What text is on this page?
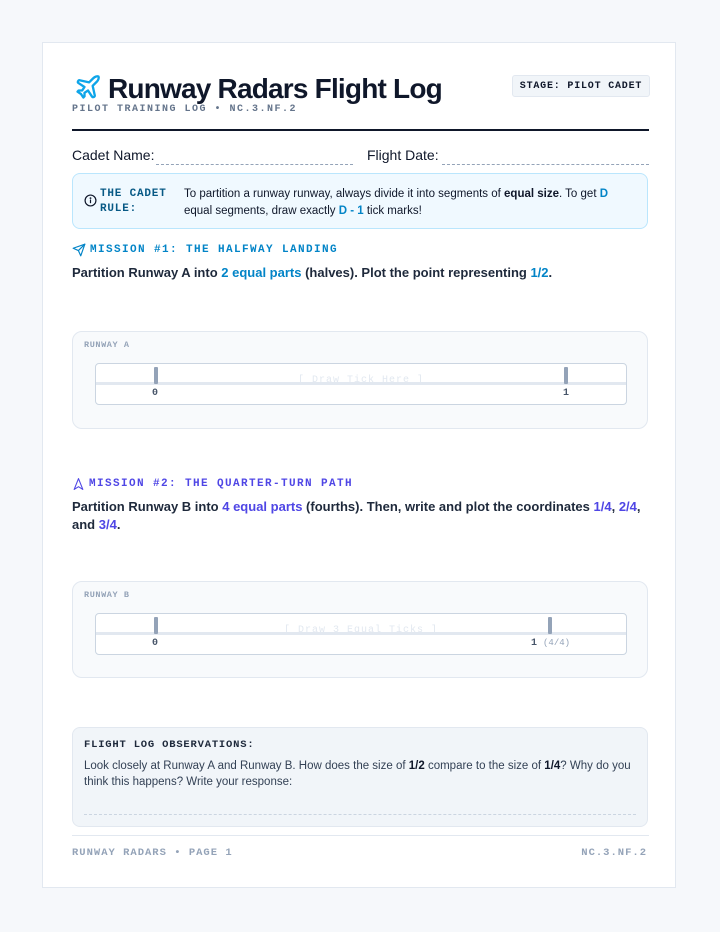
Runway Radars Flight Log
PILOT TRAINING LOG • NC.3.NF.2
STAGE: PILOT CADET
Cadet Name:	Flight Date:
THE CADET
RULE:
To partition a runway runway, always divide it into segments of equal size. To get D equal segments, draw exactly D - 1 tick marks!
MISSION #1: THE HALFWAY LANDING
Partition Runway A into 2 equal parts (halves). Plot the point representing 1/2.
RUNWAY A
[ Draw Tick Here ]
0	1
MISSION #2: THE QUARTER-TURN PATH
Partition Runway B into 4 equal parts (fourths). Then, write and plot the coordinates 1/4, 2/4,
and 3/4.
RUNWAY B
[ Draw 3 Equal Ticks ]
0	1 (4/4)
FLIGHT LOG OBSERVATIONS:
Look closely at Runway A and Runway B. How does the size of 1/2 compare to the size of 1/4? Why do you think this happens? Write your response:
RUNWAY RADARS • PAGE 1	NC.3.NF.2
